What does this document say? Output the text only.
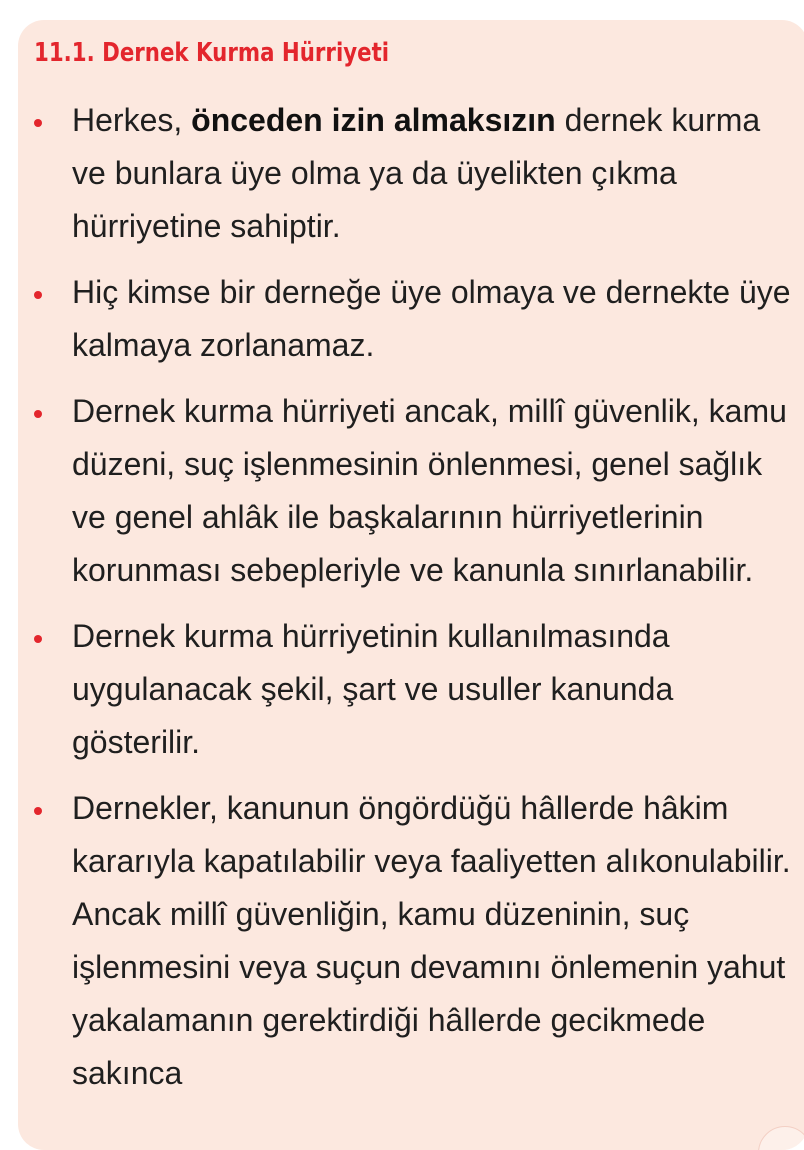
11.1. Dernek Kurma Hürriyeti
Herkes, önceden izin almaksızın dernek kurma ve bunlara üye olma ya da üyelikten çıkma hürriyetine sahiptir.
Hiç kimse bir derneğe üye olmaya ve dernekte üye kalmaya zorlanamaz.
Dernek kurma hürriyeti ancak, millî güvenlik, kamu düzeni, suç işlenmesinin önlenmesi, genel sağlık ve genel ahlâk ile başkalarının hürriyetlerinin korunması sebepleriyle ve kanunla sınırlanabilir.
Dernek kurma hürriyetinin kullanılmasında uygulanacak şekil, şart ve usuller kanunda gösterilir.
Dernekler, kanunun öngördüğü hâllerde hâkim kararıyla kapatılabilir veya faaliyetten alıkonulabilir. Ancak millî güvenliğin, kamu düzeninin, suç işlenmesini veya suçun devamını önlemenin yahut yakalamanın gerektirdiği hâllerde gecikmede sakınca
